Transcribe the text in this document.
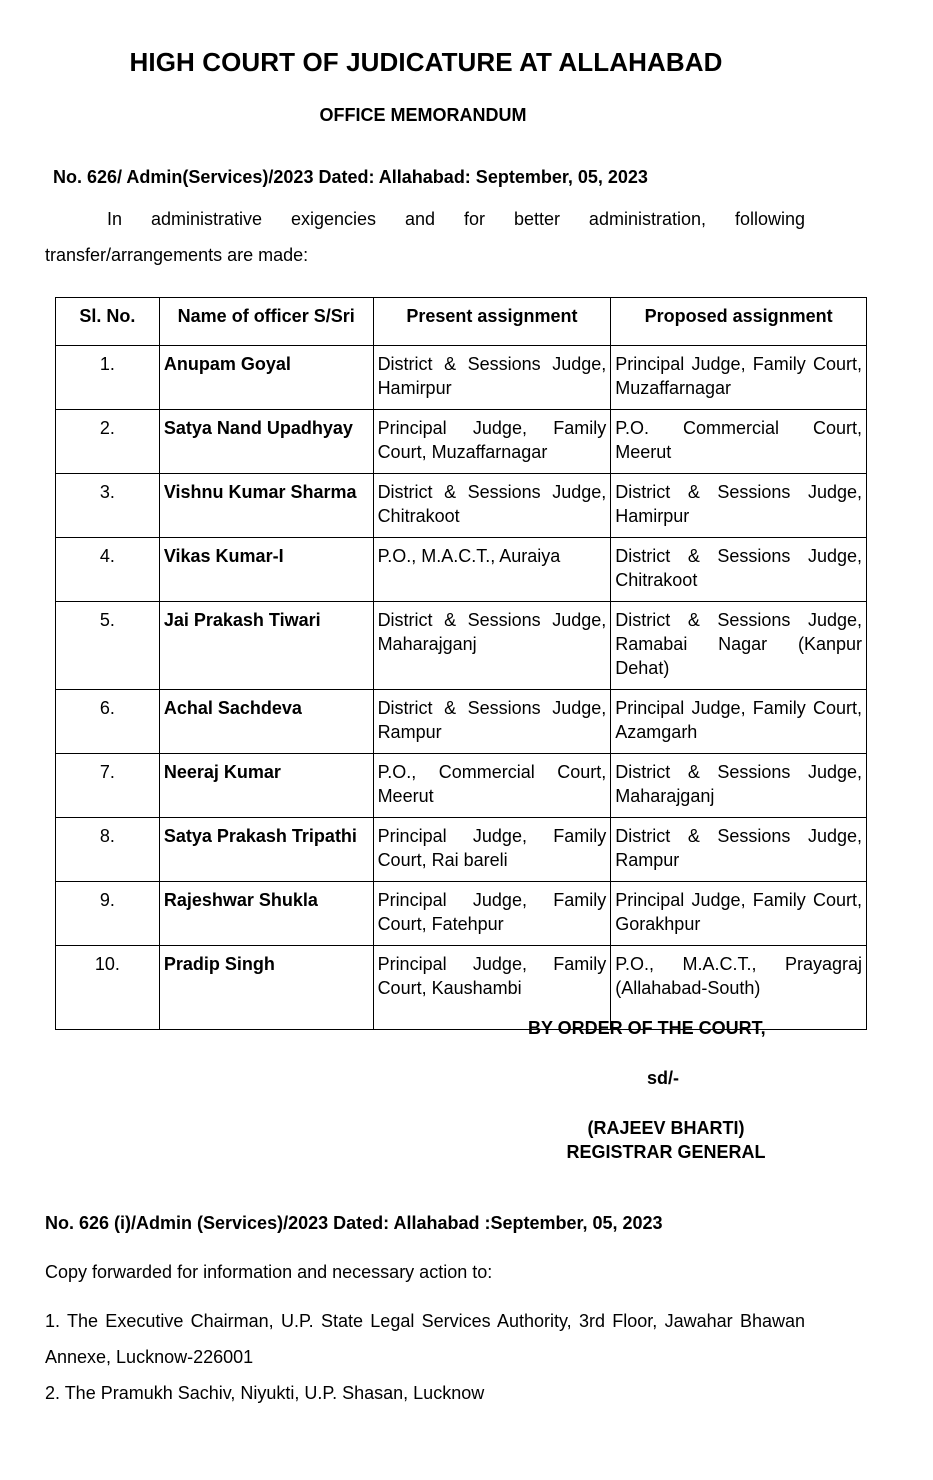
HIGH COURT OF JUDICATURE AT ALLAHABAD
OFFICE MEMORANDUM
No. 626/ Admin(Services)/2023 Dated: Allahabad: September, 05, 2023

In administrative exigencies and for better administration, following transfer/arrangements are made:

Sl. No.	Name of officer S/Sri	Present assignment	Proposed assignment
1.	Anupam Goyal	District & Sessions Judge, Hamirpur	Principal Judge, Family Court, Muzaffarnagar
2.	Satya Nand Upadhyay	Principal Judge, Family Court, Muzaffarnagar	P.O. Commercial Court, Meerut
3.	Vishnu Kumar Sharma	District & Sessions Judge, Chitrakoot	District & Sessions Judge, Hamirpur
4.	Vikas Kumar-I	P.O., M.A.C.T., Auraiya	District & Sessions Judge, Chitrakoot
5.	Jai Prakash Tiwari	District & Sessions Judge, Maharajganj	District & Sessions Judge, Ramabai Nagar (Kanpur Dehat)
6.	Achal Sachdeva	District & Sessions Judge, Rampur	Principal Judge, Family Court, Azamgarh
7.	Neeraj Kumar	P.O., Commercial Court, Meerut	District & Sessions Judge, Maharajganj
8.	Satya Prakash Tripathi	Principal Judge, Family Court, Rai bareli	District & Sessions Judge, Rampur
9.	Rajeshwar Shukla	Principal Judge, Family Court, Fatehpur	Principal Judge, Family Court, Gorakhpur
10.	Pradip Singh	Principal Judge, Family Court, Kaushambi	P.O., M.A.C.T., Prayagraj (Allahabad-South)
BY ORDER OF THE COURT,
sd/-
(RAJEEV BHARTI)
REGISTRAR GENERAL
No. 626 (i)/Admin (Services)/2023 Dated: Allahabad :September, 05, 2023
Copy forwarded for information and necessary action to:
1. The Executive Chairman, U.P. State Legal Services Authority, 3rd Floor, Jawahar Bhawan Annexe, Lucknow-226001
2. The Pramukh Sachiv, Niyukti, U.P. Shasan, Lucknow
